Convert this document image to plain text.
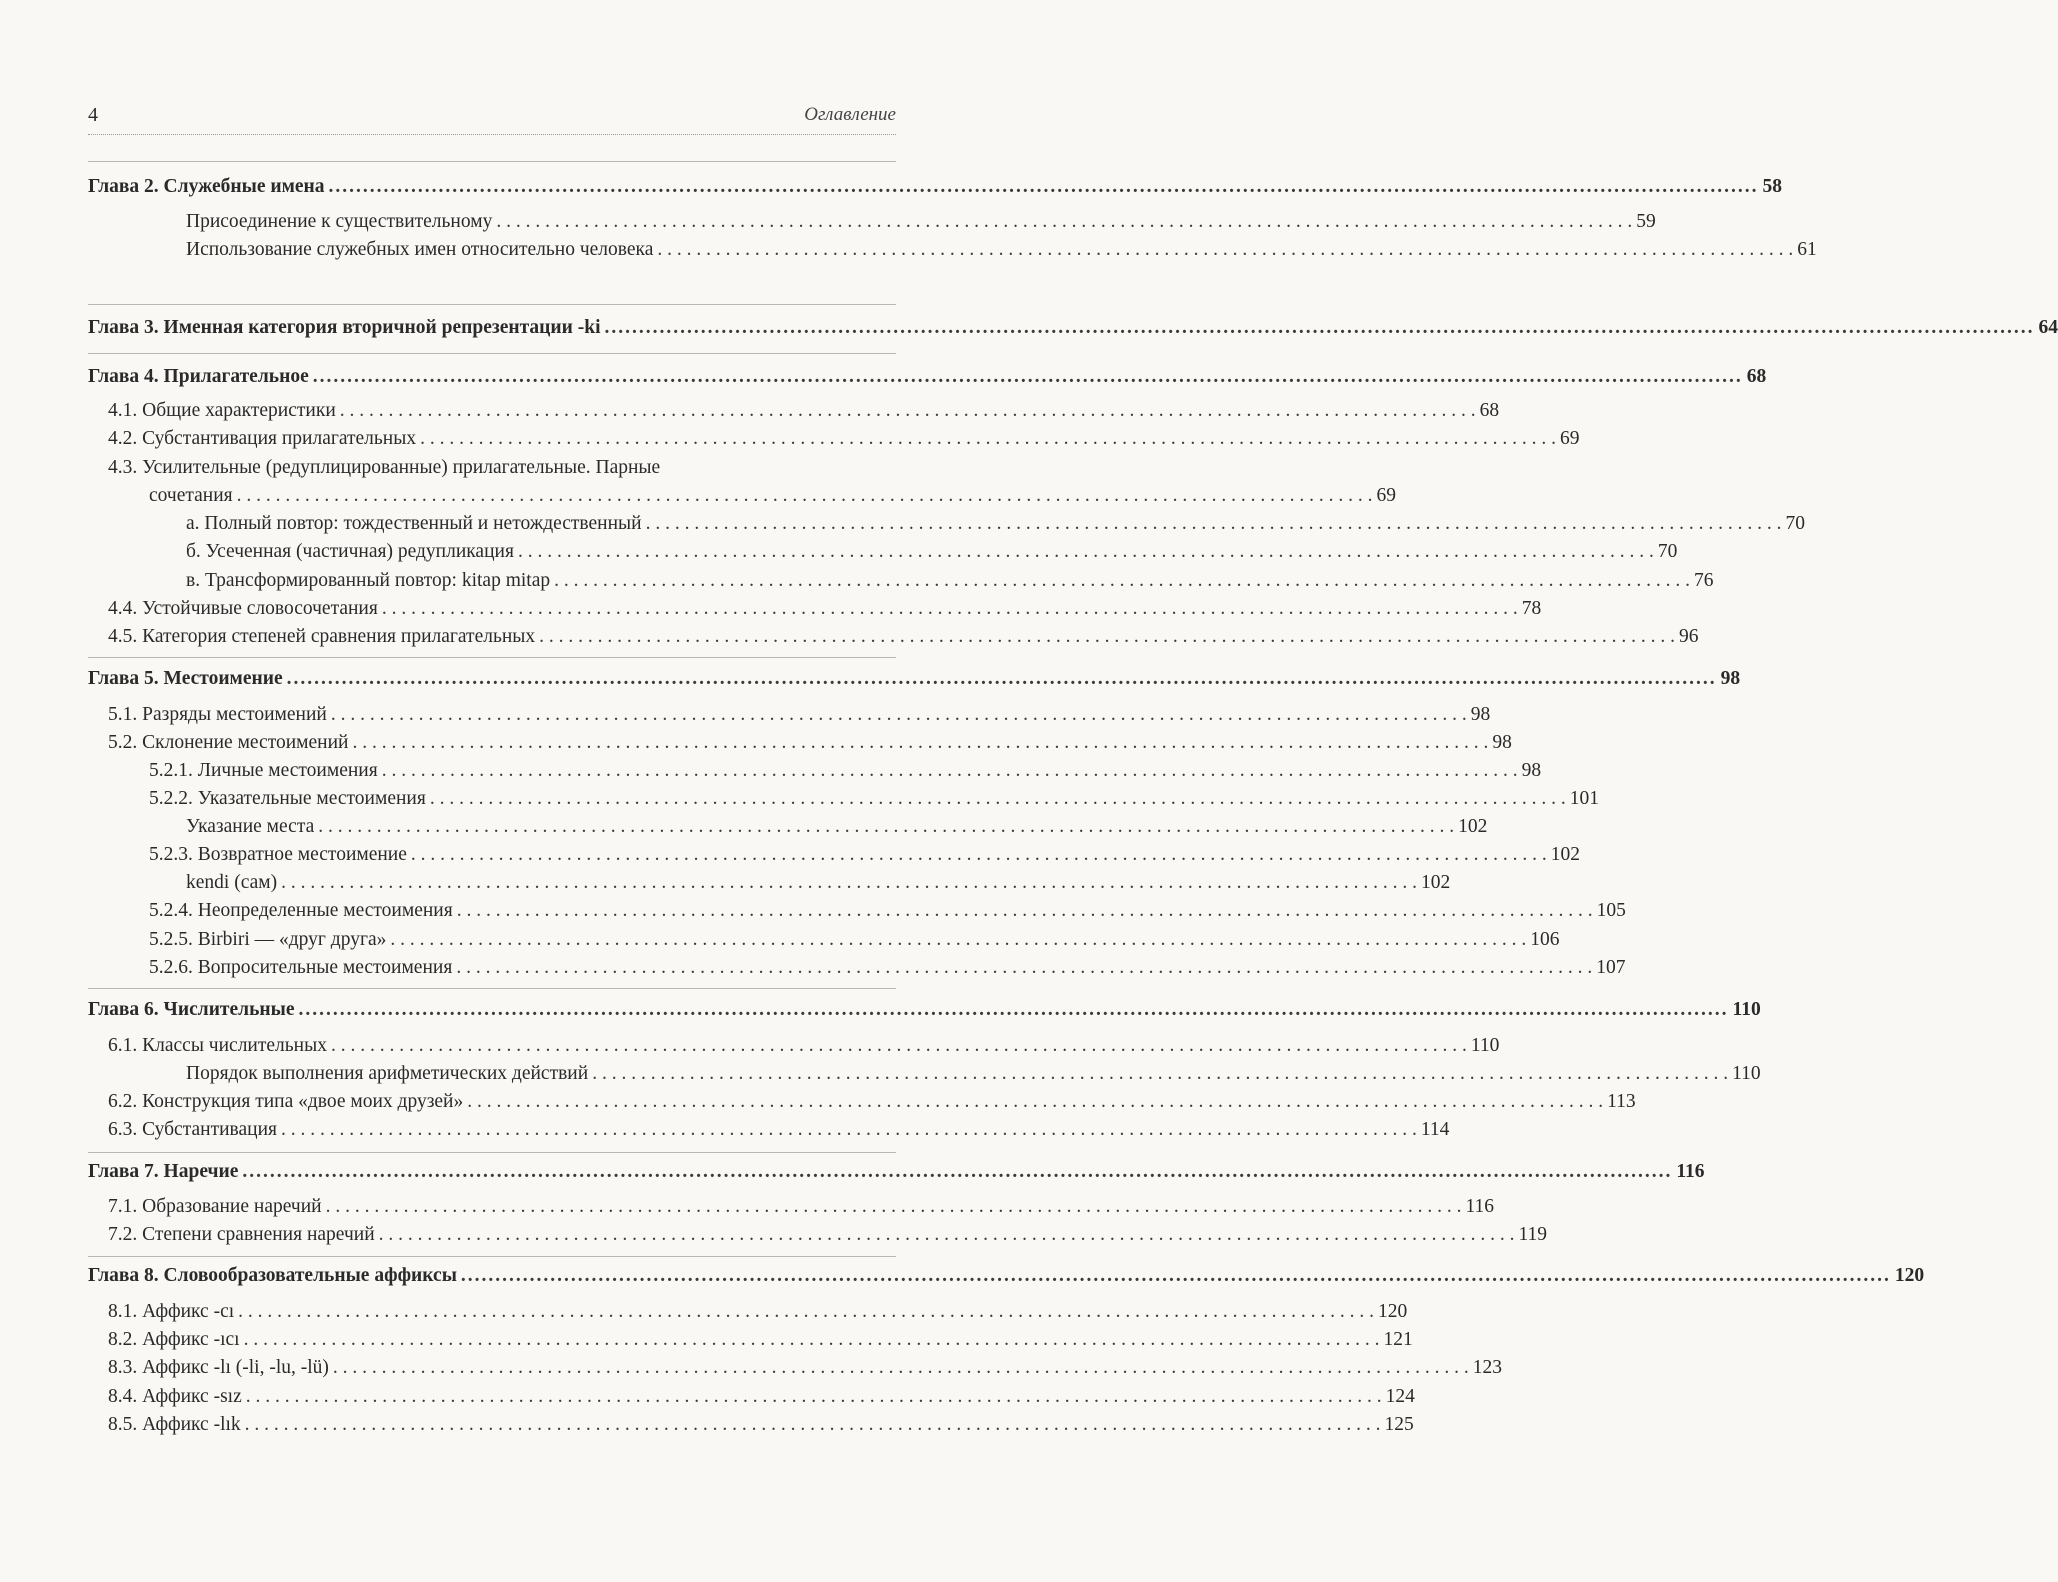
4	Оглавление
Глава 2. Служебные имена .....	58
Присоединение к существительному . . .	59
Использование служебных имен относительно человека . . .	61
Глава 3. Именная категория вторичной репрезентации -ki .....	64
Глава 4. Прилагательное .....	68
4.1. Общие характеристики . . .	68
4.2. Субстантивация прилагательных . . .	69
4.3. Усилительные (редуплицированные) прилагательные. Парные
сочетания . . .	69
а. Полный повтор: тождественный и нетождественный . . .	70
б. Усеченная (частичная) редупликация . . .	70
в. Трансформированный повтор: kitap mitap . . .	76
4.4. Устойчивые словосочетания . . .	78
4.5. Категория степеней сравнения прилагательных . . .	96
Глава 5. Местоимение .....	98
5.1. Разряды местоимений . . .	98
5.2. Склонение местоимений . . .	98
5.2.1. Личные местоимения . . .	98
5.2.2. Указательные местоимения . . .	101
Указание места . . .	102
5.2.3. Возвратное местоимение . . .	102
kendi (сам) . . .	102
5.2.4. Неопределенные местоимения . . .	105
5.2.5. Birbiri — «друг друга» . . .	106
5.2.6. Вопросительные местоимения . . .	107
Глава 6. Числительные .....	110
6.1. Классы числительных . . .	110
Порядок выполнения арифметических действий . . .	110
6.2. Конструкция типа «двое моих друзей» . . .	113
6.3. Субстантивация . . .	114
Глава 7. Наречие .....	116
7.1. Образование наречий . . .	116
7.2. Степени сравнения наречий . . .	119
Глава 8. Словообразовательные аффиксы .....	120
8.1. Аффикс -cı . . .	120
8.2. Аффикс -ıcı . . .	121
8.3. Аффикс -lı (-li, -lu, -lü) . . .	123
8.4. Аффикс -sız . . .	124
8.5. Аффикс -lık . . .	125
